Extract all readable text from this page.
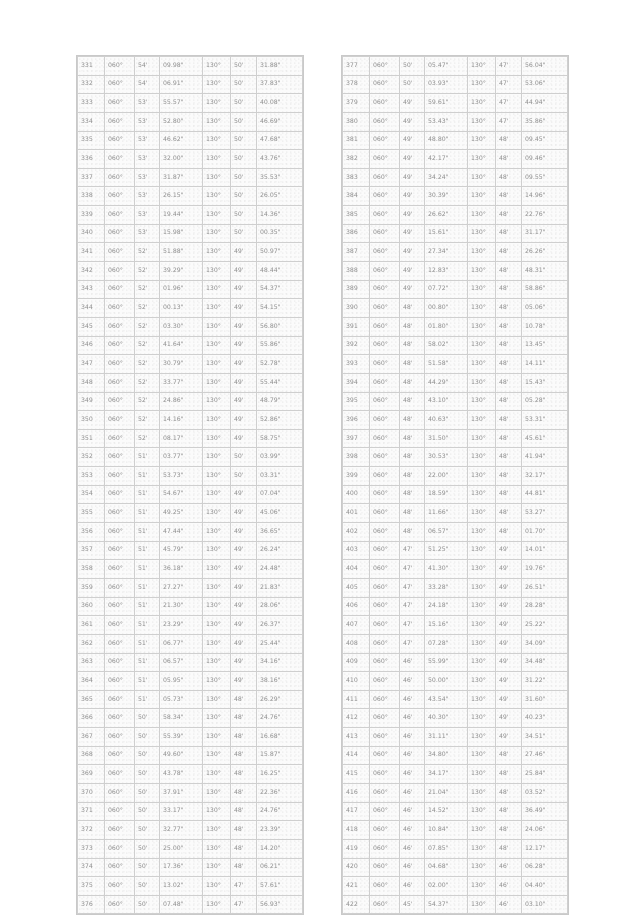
331	060°	54'	09.98"	130°	50'	31.88"
332	060°	54'	06.91"	130°	50'	37.83"
333	060°	53'	55.57"	130°	50'	40.08"
334	060°	53'	52.80"	130°	50'	46.69"
335	060°	53'	46.62"	130°	50'	47.68"
336	060°	53'	32.00"	130°	50'	43.76"
337	060°	53'	31.87"	130°	50'	35.53"
338	060°	53'	26.15"	130°	50'	26.05"
339	060°	53'	19.44"	130°	50'	14.36"
340	060°	53'	15.98"	130°	50'	00.35"
341	060°	52'	51.88"	130°	49'	50.97"
342	060°	52'	39.29"	130°	49'	48.44"
343	060°	52'	01.96"	130°	49'	54.37"
344	060°	52'	00.13"	130°	49'	54.15"
345	060°	52'	03.30"	130°	49'	56.80"
346	060°	52'	41.64"	130°	49'	55.86"
347	060°	52'	30.79"	130°	49'	52.78"
348	060°	52'	33.77"	130°	49'	55.44"
349	060°	52'	24.86"	130°	49'	48.79"
350	060°	52'	14.16"	130°	49'	52.86"
351	060°	52'	08.17"	130°	49'	58.75"
352	060°	51'	03.77"	130°	50'	03.99"
353	060°	51'	53.73"	130°	50'	03.31"
354	060°	51'	54.67"	130°	49'	07.04"
355	060°	51'	49.25"	130°	49'	45.06"
356	060°	51'	47.44"	130°	49'	36.65"
357	060°	51'	45.79"	130°	49'	26.24"
358	060°	51'	36.18"	130°	49'	24.48"
359	060°	51'	27.27"	130°	49'	21.83"
360	060°	51'	21.30"	130°	49'	28.06"
361	060°	51'	23.29"	130°	49'	26.37"
362	060°	51'	06.77"	130°	49'	25.44"
363	060°	51'	06.57"	130°	49'	34.16"
364	060°	51'	05.95"	130°	49'	38.16"
365	060°	51'	05.73"	130°	48'	26.29"
366	060°	50'	58.34"	130°	48'	24.76"
367	060°	50'	55.39"	130°	48'	16.68"
368	060°	50'	49.60"	130°	48'	15.87"
369	060°	50'	43.78"	130°	48'	16.25"
370	060°	50'	37.91"	130°	48'	22.36"
371	060°	50'	33.17"	130°	48'	24.76"
372	060°	50'	32.77"	130°	48'	23.39"
373	060°	50'	25.00"	130°	48'	14.20"
374	060°	50'	17.36"	130°	48'	06.21"
375	060°	50'	13.02"	130°	47'	57.61"
376	060°	50'	07.48"	130°	47'	56.93"
377	060°	50'	05.47"	130°	47'	56.04"
378	060°	50'	03.93"	130°	47'	53.06"
379	060°	49'	59.61"	130°	47'	44.94"
380	060°	49'	53.43"	130°	47'	35.86"
381	060°	49'	48.80"	130°	48'	09.45"
382	060°	49'	42.17"	130°	48'	09.46"
383	060°	49'	34.24"	130°	48'	09.55"
384	060°	49'	30.39"	130°	48'	14.96"
385	060°	49'	26.62"	130°	48'	22.76"
386	060°	49'	15.61"	130°	48'	31.17"
387	060°	49'	27.34"	130°	48'	26.26"
388	060°	49'	12.83"	130°	48'	48.31"
389	060°	49'	07.72"	130°	48'	58.86"
390	060°	48'	00.80"	130°	48'	05.06"
391	060°	48'	01.80"	130°	48'	10.78"
392	060°	48'	58.02"	130°	48'	13.45"
393	060°	48'	51.58"	130°	48'	14.11"
394	060°	48'	44.29"	130°	48'	15.43"
395	060°	48'	43.10"	130°	48'	05.28"
396	060°	48'	40.63"	130°	48'	53.31"
397	060°	48'	31.50"	130°	48'	45.61"
398	060°	48'	30.53"	130°	48'	41.94"
399	060°	48'	22.00"	130°	48'	32.17"
400	060°	48'	18.59"	130°	48'	44.81"
401	060°	48'	11.66"	130°	48'	53.27"
402	060°	48'	06.57"	130°	48'	01.70"
403	060°	47'	51.25"	130°	49'	14.01"
404	060°	47'	41.30"	130°	49'	19.76"
405	060°	47'	33.28"	130°	49'	26.51"
406	060°	47'	24.18"	130°	49'	28.28"
407	060°	47'	15.16"	130°	49'	25.22"
408	060°	47'	07.28"	130°	49'	34.09"
409	060°	46'	55.99"	130°	49'	34.48"
410	060°	46'	50.00"	130°	49'	31.22"
411	060°	46'	43.54"	130°	49'	31.60"
412	060°	46'	40.30"	130°	49'	40.23"
413	060°	46'	31.11"	130°	49'	34.51"
414	060°	46'	34.80"	130°	48'	27.46"
415	060°	46'	34.17"	130°	48'	25.84"
416	060°	46'	21.04"	130°	48'	03.52"
417	060°	46'	14.52"	130°	48'	36.49"
418	060°	46'	10.84"	130°	48'	24.06"
419	060°	46'	07.85"	130°	48'	12.17"
420	060°	46'	04.68"	130°	46'	06.28"
421	060°	46'	02.00"	130°	46'	04.40"
422	060°	45'	54.37"	130°	46'	03.10"
